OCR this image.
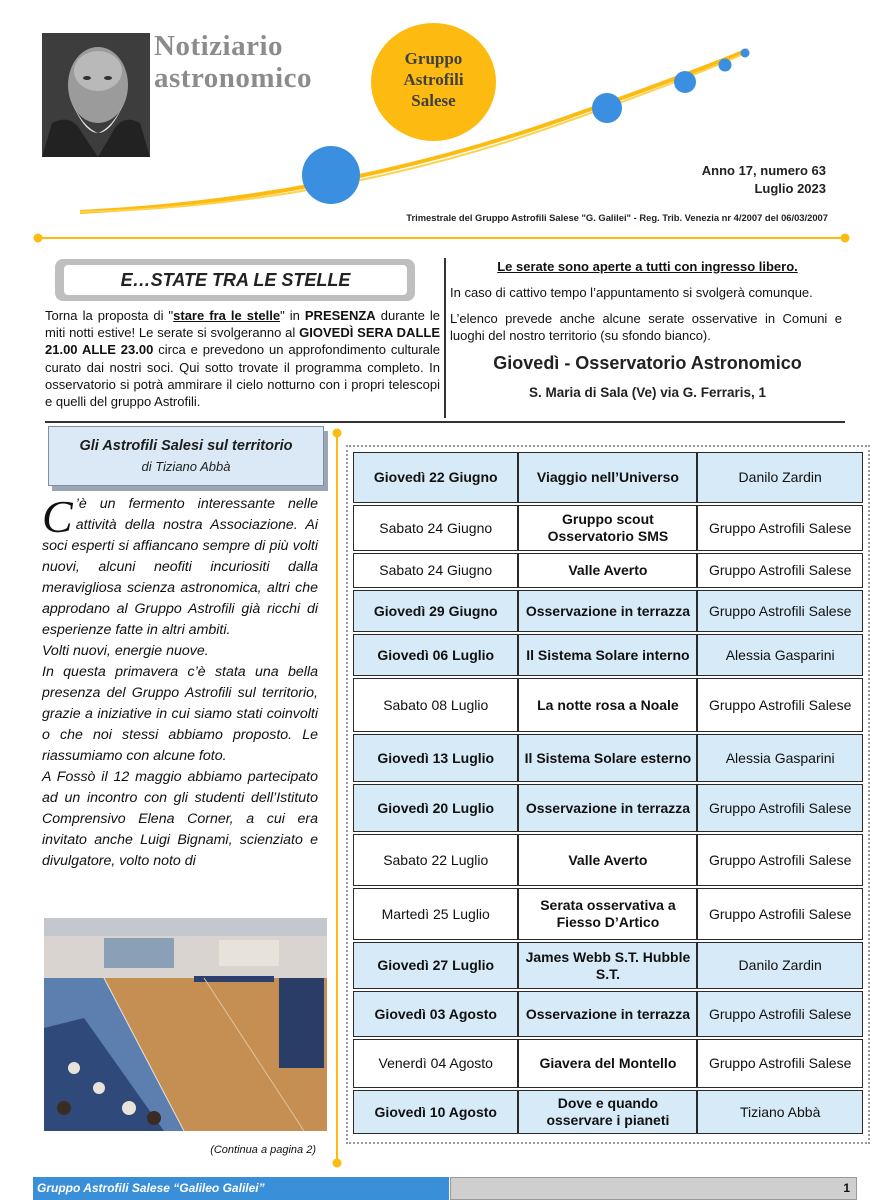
Notiziario
astronomico
Gruppo
Astrofili
Salese
Anno 17, numero 63
Luglio 2023
Trimestrale del Gruppo Astrofili Salese "G. Galilei" - Reg. Trib. Venezia nr 4/2007 del 06/03/2007
E…STATE TRA LE STELLE
Torna la proposta di "stare fra le stelle" in PRESENZA durante le miti notti estive! Le serate si svolgeranno al GIOVEDÌ SERA DALLE 21.00 ALLE 23.00 circa e prevedono un approfondimento culturale curato dai nostri soci. Qui sotto trovate il programma completo. In osservatorio si potrà ammirare il cielo notturno con i propri telescopi e quelli del gruppo Astrofili.
Le serate sono aperte a tutti con ingresso libero.
In caso di cattivo tempo l’appuntamento si svolgerà comunque.
L’elenco prevede anche alcune serate osservative in Comuni e luoghi del nostro territorio (su sfondo bianco).
Giovedì - Osservatorio Astronomico
S. Maria di Sala (Ve) via G. Ferraris, 1
Gli Astrofili Salesi sul territorio
di Tiziano Abbà
C ’è un fermento interessante nelle attività della nostra Associazione. Ai soci esperti si affiancano sempre di più volti nuovi, alcuni neofiti incuriositi dalla meravigliosa scienza astronomica, altri che approdano al Gruppo Astrofili già ricchi di esperienze fatte in altri ambiti.
Volti nuovi, energie nuove.
In questa primavera c’è stata una bella presenza del Gruppo Astrofili sul territorio, grazie a iniziative in cui siamo stati coinvolti o che noi stessi abbiamo proposto. Le riassumiamo con alcune foto.
A Fossò il 12 maggio abbiamo partecipato ad un incontro con gli studenti dell’Istituto Comprensivo Elena Corner, a cui era invitato anche Luigi Bignami, scienziato e divulgatore, volto noto di
(Continua a pagina 2)
Giovedì 22 Giugno	Viaggio nell’Universo	Danilo Zardin

Sabato 24 Giugno	Gruppo scout Osservatorio SMS	Gruppo Astrofili Salese

Sabato 24 Giugno	Valle Averto	Gruppo Astrofili Salese

Giovedì 29 Giugno	Osservazione in terrazza	Gruppo Astrofili Salese

Giovedì 06 Luglio	Il Sistema Solare interno	Alessia Gasparini

Sabato 08 Luglio	La notte rosa a Noale	Gruppo Astrofili Salese

Giovedì 13 Luglio	Il Sistema Solare esterno	Alessia Gasparini

Giovedì 20 Luglio	Osservazione in terrazza	Gruppo Astrofili Salese

Sabato 22 Luglio	Valle Averto	Gruppo Astrofili Salese

Martedì 25 Luglio	Serata osservativa a Fiesso D’Artico	Gruppo Astrofili Salese

Giovedì 27 Luglio	James Webb S.T. Hubble S.T.	Danilo Zardin

Giovedì 03 Agosto	Osservazione in terrazza	Gruppo Astrofili Salese

Venerdì 04 Agosto	Giavera del Montello	Gruppo Astrofili Salese

Giovedì 10 Agosto	Dove e quando osservare i pianeti	Tiziano Abbà
Gruppo Astrofili Salese “Galileo Galilei”	1
